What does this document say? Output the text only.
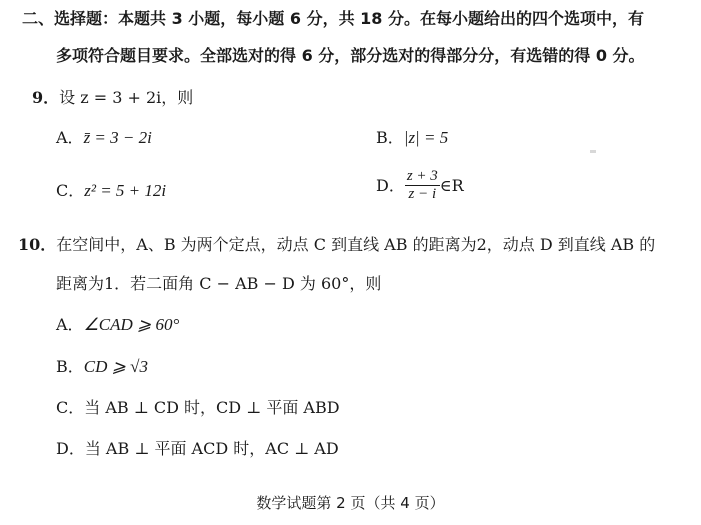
二、选择题：本题共 3 小题，每小题 6 分，共 18 分。在每小题给出的四个选项中，有
多项符合题目要求。全部选对的得 6 分，部分选对的得部分分，有选错的得 0 分。
9．设 z = 3 + 2i，则
A．z̄ = 3 − 2i	B．|z| = 5
C．z² = 5 + 12i	D． $\frac{z + 3}{z - i}$ ∈R
10．在空间中，A、B 为两个定点，动点 C 到直线 AB 的距离为2，动点 D 到直线 AB 的
距离为1．若二面角 C − AB − D 为 60°，则
A．∠CAD ⩾ 60°
B．CD ⩾ √3
C．当 AB ⊥ CD 时，CD ⊥ 平面 ABD
D．当 AB ⊥ 平面 ACD 时，AC ⊥ AD
数学试题第 2 页（共 4 页）
